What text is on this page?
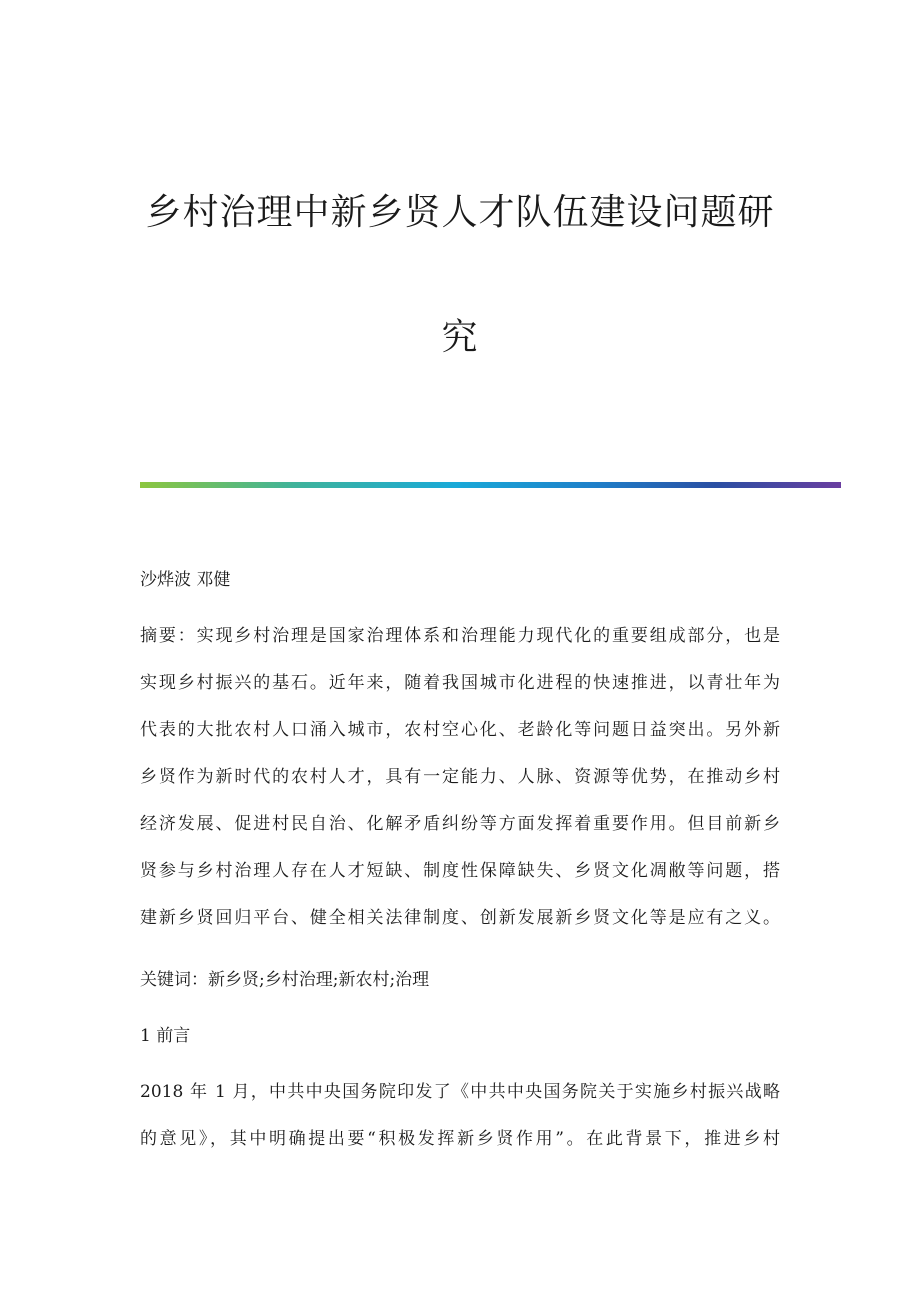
乡村治理中新乡贤人才队伍建设问题研
究

沙烨波 邓健

摘要：实现乡村治理是国家治理体系和治理能力现代化的重要组成部分，也是
实现乡村振兴的基石。近年来，随着我国城市化进程的快速推进，以青壮年为
代表的大批农村人口涌入城市，农村空心化、老龄化等问题日益突出。另外新
乡贤作为新时代的农村人才，具有一定能力、人脉、资源等优势，在推动乡村
经济发展、促进村民自治、化解矛盾纠纷等方面发挥着重要作用。但目前新乡
贤参与乡村治理人存在人才短缺、制度性保障缺失、乡贤文化凋敝等问题，搭
建新乡贤回归平台、健全相关法律制度、创新发展新乡贤文化等是应有之义。

关键词：新乡贤;乡村治理;新农村;治理

1 前言

2018 年 1 月，中共中央国务院印发了《中共中央国务院关于实施乡村振兴战略
的意见》，其中明确提出要“积极发挥新乡贤作用”。在此背景下，推进乡村
